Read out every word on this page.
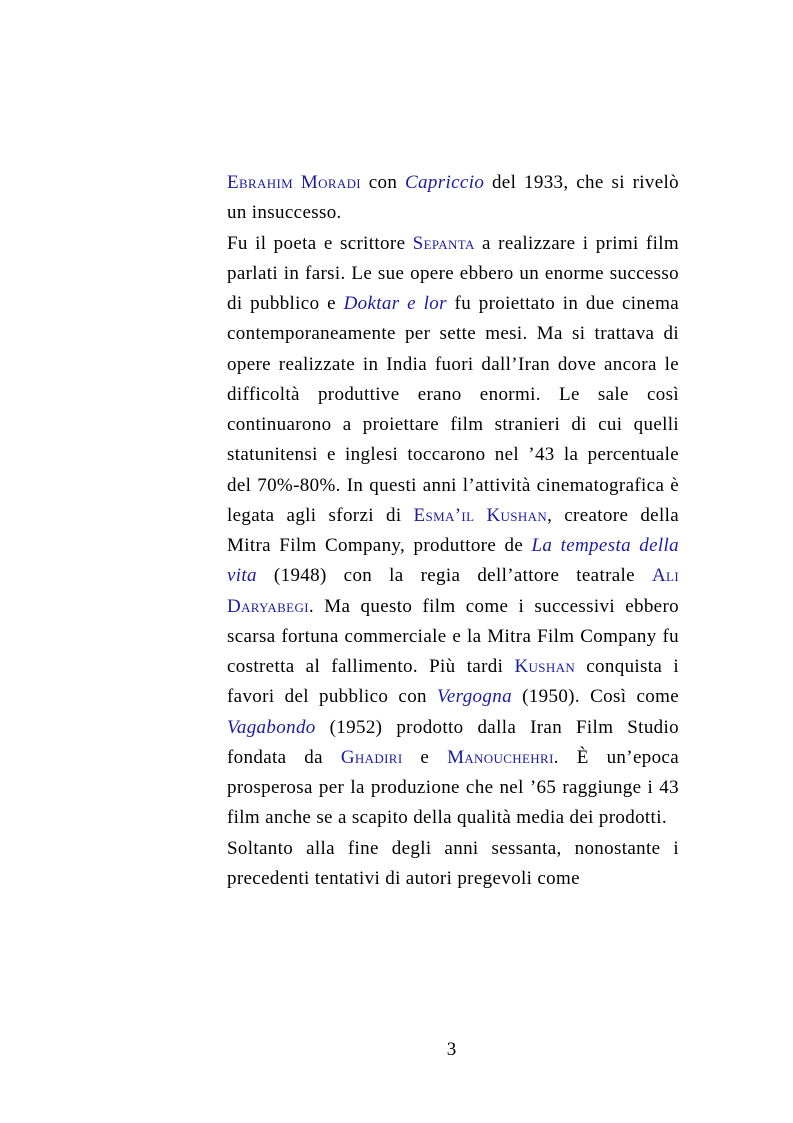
Ebrahim Moradi con Capriccio del 1933, che si rivelò un insuccesso.

Fu il poeta e scrittore Sepanta a realizzare i primi film parlati in farsi. Le sue opere ebbero un enorme successo di pubblico e Doktar e lor fu proiettato in due cinema contemporaneamente per sette mesi. Ma si trattava di opere realizzate in India fuori dall’Iran dove ancora le difficoltà produttive erano enormi. Le sale così continuarono a proiettare film stranieri di cui quelli statunitensi e inglesi toccarono nel ’43 la percentuale del 70%-80%. In questi anni l’attività cinematografica è legata agli sforzi di Esma’il Kushan, creatore della Mitra Film Company, produttore de La tempesta della vita (1948) con la regia dell’attore teatrale Ali Daryabegi. Ma questo film come i successivi ebbero scarsa fortuna commerciale e la Mitra Film Company fu costretta al fallimento. Più tardi Kushan conquista i favori del pubblico con Vergogna (1950). Così come Vagabondo (1952) prodotto dalla Iran Film Studio fondata da Ghadiri e Manouchehri. È un’epoca prosperosa per la produzione che nel ’65 raggiunge i 43 film anche se a scapito della qualità media dei prodotti.

Soltanto alla fine degli anni sessanta, nonostante i precedenti tentativi di autori pregevoli come

3
